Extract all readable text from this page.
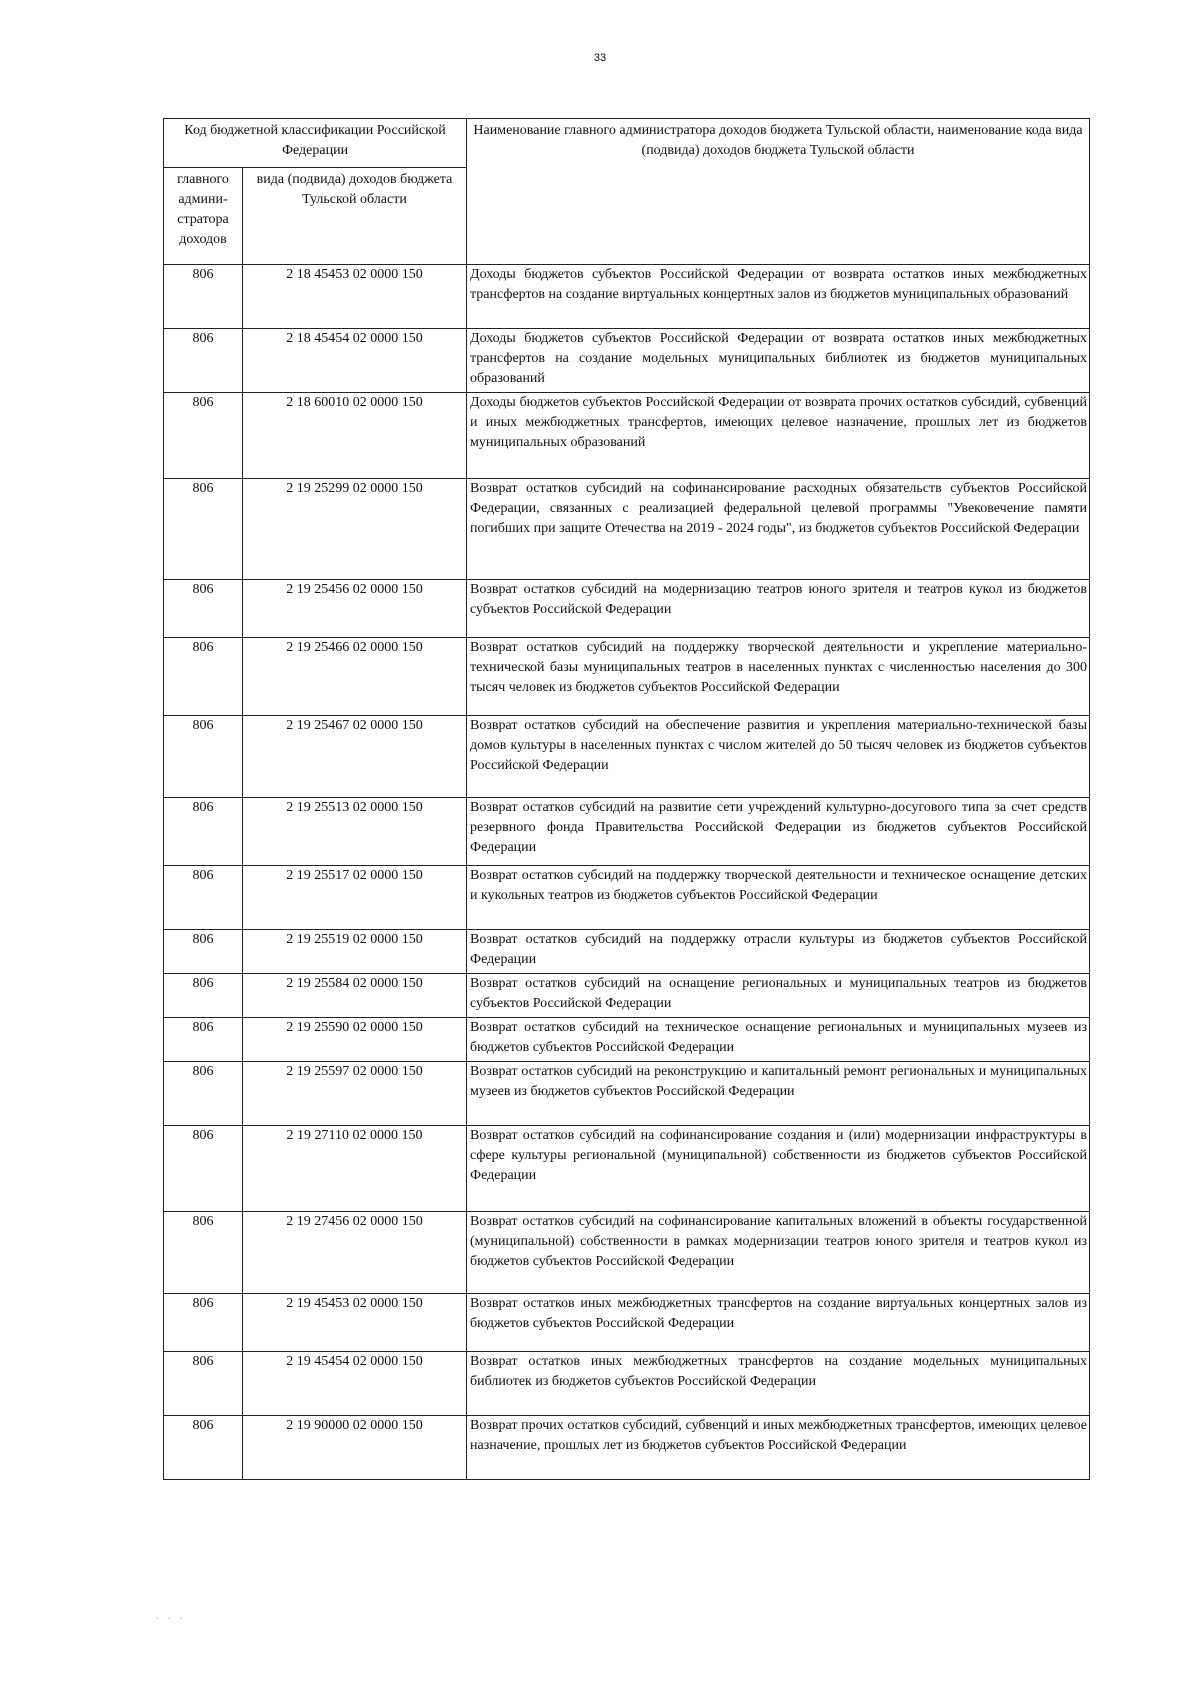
33
Код бюджетной классификации Российской Федерации		Наименование главного администратора доходов бюджета Тульской области, наименование кода вида (подвида) доходов бюджета Тульской области
главного админи-стратора доходов	вида (подвида) доходов бюджета Тульской области	
806	2 18 45453 02 0000 150	Доходы бюджетов субъектов Российской Федерации от возврата остатков иных межбюджетных трансфертов на создание виртуальных концертных залов из бюджетов муниципальных образований
806	2 18 45454 02 0000 150	Доходы бюджетов субъектов Российской Федерации от возврата остатков иных межбюджетных трансфертов на создание модельных муниципальных библиотек из бюджетов муниципальных образований
806	2 18 60010 02 0000 150	Доходы бюджетов субъектов Российской Федерации от возврата прочих остатков субсидий, субвенций и иных межбюджетных трансфертов, имеющих целевое назначение, прошлых лет из бюджетов муниципальных образований
806	2 19 25299 02 0000 150	Возврат остатков субсидий на софинансирование расходных обязательств субъектов Российской Федерации, связанных с реализацией федеральной целевой программы "Увековечение памяти погибших при защите Отечества на 2019 - 2024 годы", из бюджетов субъектов Российской Федерации
806	2 19 25456 02 0000 150	Возврат остатков субсидий на модернизацию театров юного зрителя и театров кукол из бюджетов субъектов Российской Федерации
806	2 19 25466 02 0000 150	Возврат остатков субсидий на поддержку творческой деятельности и укрепление материально-технической базы муниципальных театров в населенных пунктах с численностью населения до 300 тысяч человек из бюджетов субъектов Российской Федерации
806	2 19 25467 02 0000 150	Возврат остатков субсидий на обеспечение развития и укрепления материально-технической базы домов культуры в населенных пунктах с числом жителей до 50 тысяч человек из бюджетов субъектов Российской Федерации
806	2 19 25513 02 0000 150	Возврат остатков субсидий на развитие сети учреждений культурно-досугового типа за счет средств резервного фонда Правительства Российской Федерации из бюджетов субъектов Российской Федерации
806	2 19 25517 02 0000 150	Возврат остатков субсидий на поддержку творческой деятельности и техническое оснащение детских и кукольных театров из бюджетов субъектов Российской Федерации
806	2 19 25519 02 0000 150	Возврат остатков субсидий на поддержку отрасли культуры из бюджетов субъектов Российской Федерации
806	2 19 25584 02 0000 150	Возврат остатков субсидий на оснащение региональных и муниципальных театров из бюджетов субъектов Российской Федерации
806	2 19 25590 02 0000 150	Возврат остатков субсидий на техническое оснащение региональных и муниципальных музеев из бюджетов субъектов Российской Федерации
806	2 19 25597 02 0000 150	Возврат остатков субсидий на реконструкцию и капитальный ремонт региональных и муниципальных музеев из бюджетов субъектов Российской Федерации
806	2 19 27110 02 0000 150	Возврат остатков субсидий на софинансирование создания и (или) модернизации инфраструктуры в сфере культуры региональной (муниципальной) собственности из бюджетов субъектов Российской Федерации
806	2 19 27456 02 0000 150	Возврат остатков субсидий на софинансирование капитальных вложений в объекты государственной (муниципальной) собственности в рамках модернизации театров юного зрителя и театров кукол из бюджетов субъектов Российской Федерации
806	2 19 45453 02 0000 150	Возврат остатков иных межбюджетных трансфертов на создание виртуальных концертных залов из бюджетов субъектов Российской Федерации
806	2 19 45454 02 0000 150	Возврат остатков иных межбюджетных трансфертов на создание модельных муниципальных библиотек из бюджетов субъектов Российской Федерации
806	2 19 90000 02 0000 150	Возврат прочих остатков субсидий, субвенций и иных межбюджетных трансфертов, имеющих целевое назначение, прошлых лет из бюджетов субъектов Российской Федерации
. . .
